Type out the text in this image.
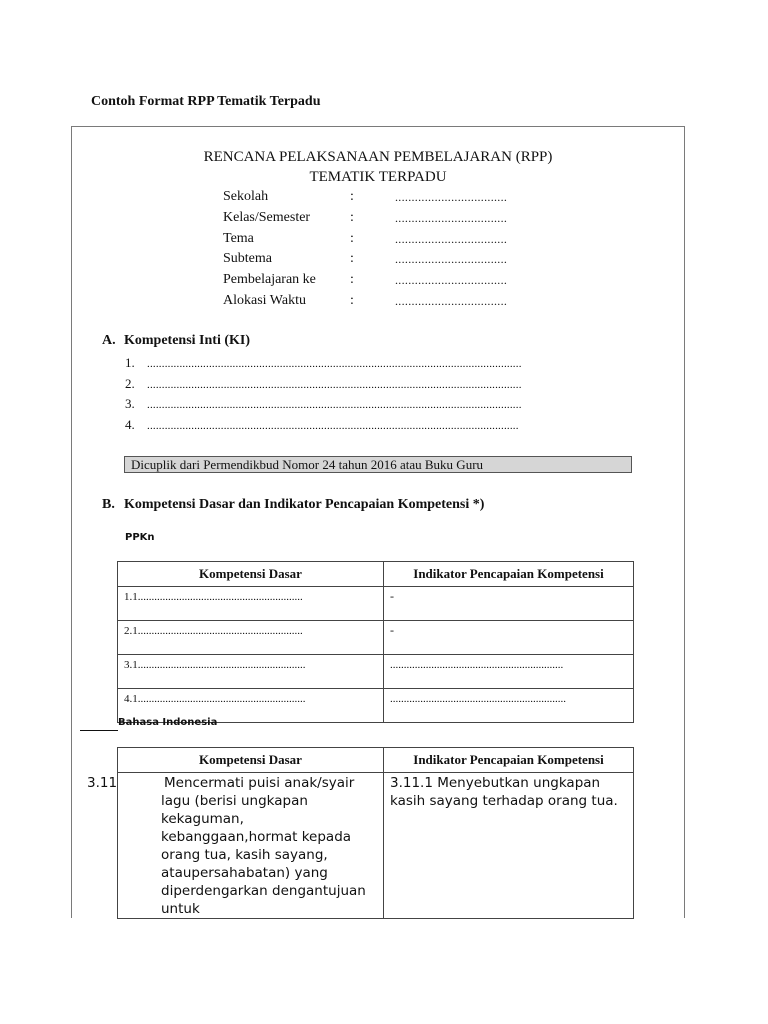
Contoh Format RPP Tematik Terpadu
RENCANA PELAKSANAAN PEMBELAJARAN (RPP)
TEMATIK TERPADU
Sekolah	:	..................................
Kelas/Semester	:	..................................
Tema	:	..................................
Subtema	:	..................................
Pembelajaran ke :	..................................
Alokasi Waktu	:	..................................
A. Kompetensi Inti (KI)
1. ...............................................................................................................................
2. ...............................................................................................................................
3. ...............................................................................................................................
4. ..............................................................................................................................
Dicuplik dari Permendikbud Nomor 24 tahun 2016 atau Buku Guru
B. Kompetensi Dasar dan Indikator Pencapaian Kompetensi *)
PPKn
Kompetensi Dasar	Indikator Pencapaian Kompetensi
1.1............................................................	-
2.1............................................................	-
3.1.............................................................	...............................................................
4.1.............................................................	................................................................
Bahasa Indonesia
Kompetensi Dasar	Indikator Pencapaian Kompetensi
3.11 Mencermati puisi anak/syair lagu (berisi ungkapan kekaguman, kebanggaan,hormat kepada orang tua, kasih sayang, ataupersahabatan) yang diperdengarkan dengantujuan untuk	3.11.1 Menyebutkan ungkapan kasih sayang terhadap orang tua.
